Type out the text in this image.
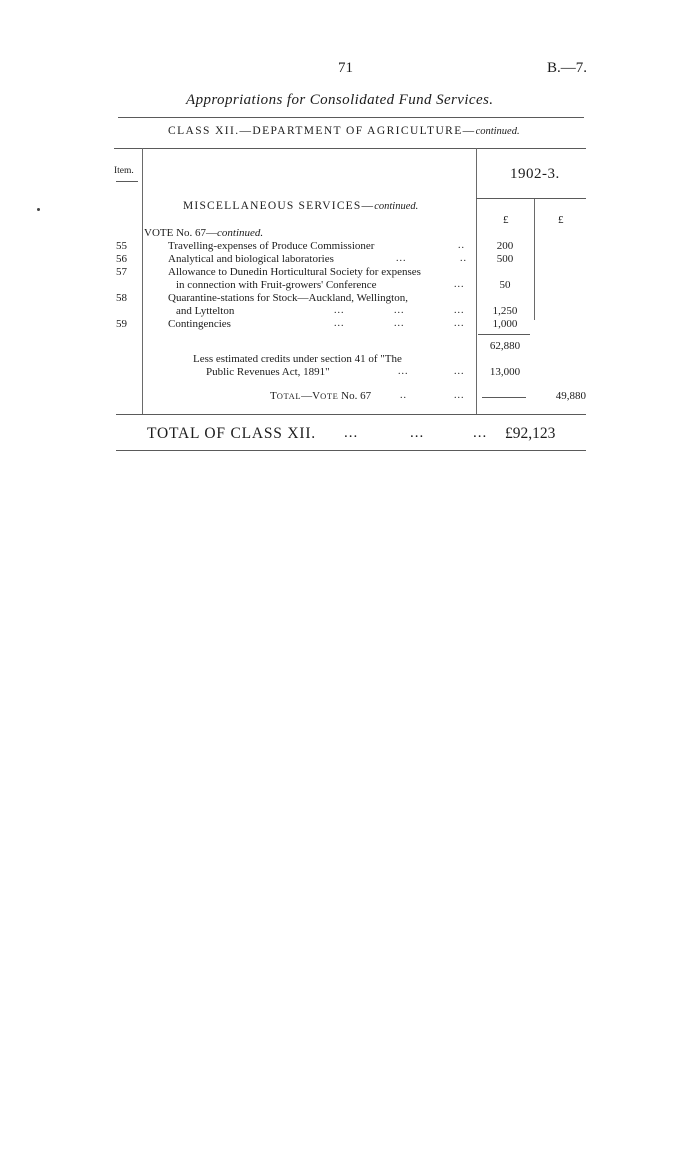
71	B.—7.
Appropriations for Consolidated Fund Services.
CLASS XII.—DEPARTMENT OF AGRICULTURE—continued.
Item.	1902-3.
£	£
MISCELLANEOUS SERVICES—continued.
VOTE No. 67—continued.
55	Travelling-expenses of Produce Commissioner	..	200
56	Analytical and biological laboratories	...	..	500
57	Allowance to Dunedin Horticultural Society for expenses
in connection with Fruit-growers' Conference	...	50
58	Quarantine-stations for Stock—Auckland, Wellington,
and Lyttelton	...	...	...	1,250
59	Contingencies	...	...	...	1,000
62,880
Less estimated credits under section 41 of "The
Public Revenues Act, 1891"	...	...	13,000
TOTAL—VOTE No. 67	..	...	49,880
TOTAL OF CLASS XII. ...	...	... £92,123
